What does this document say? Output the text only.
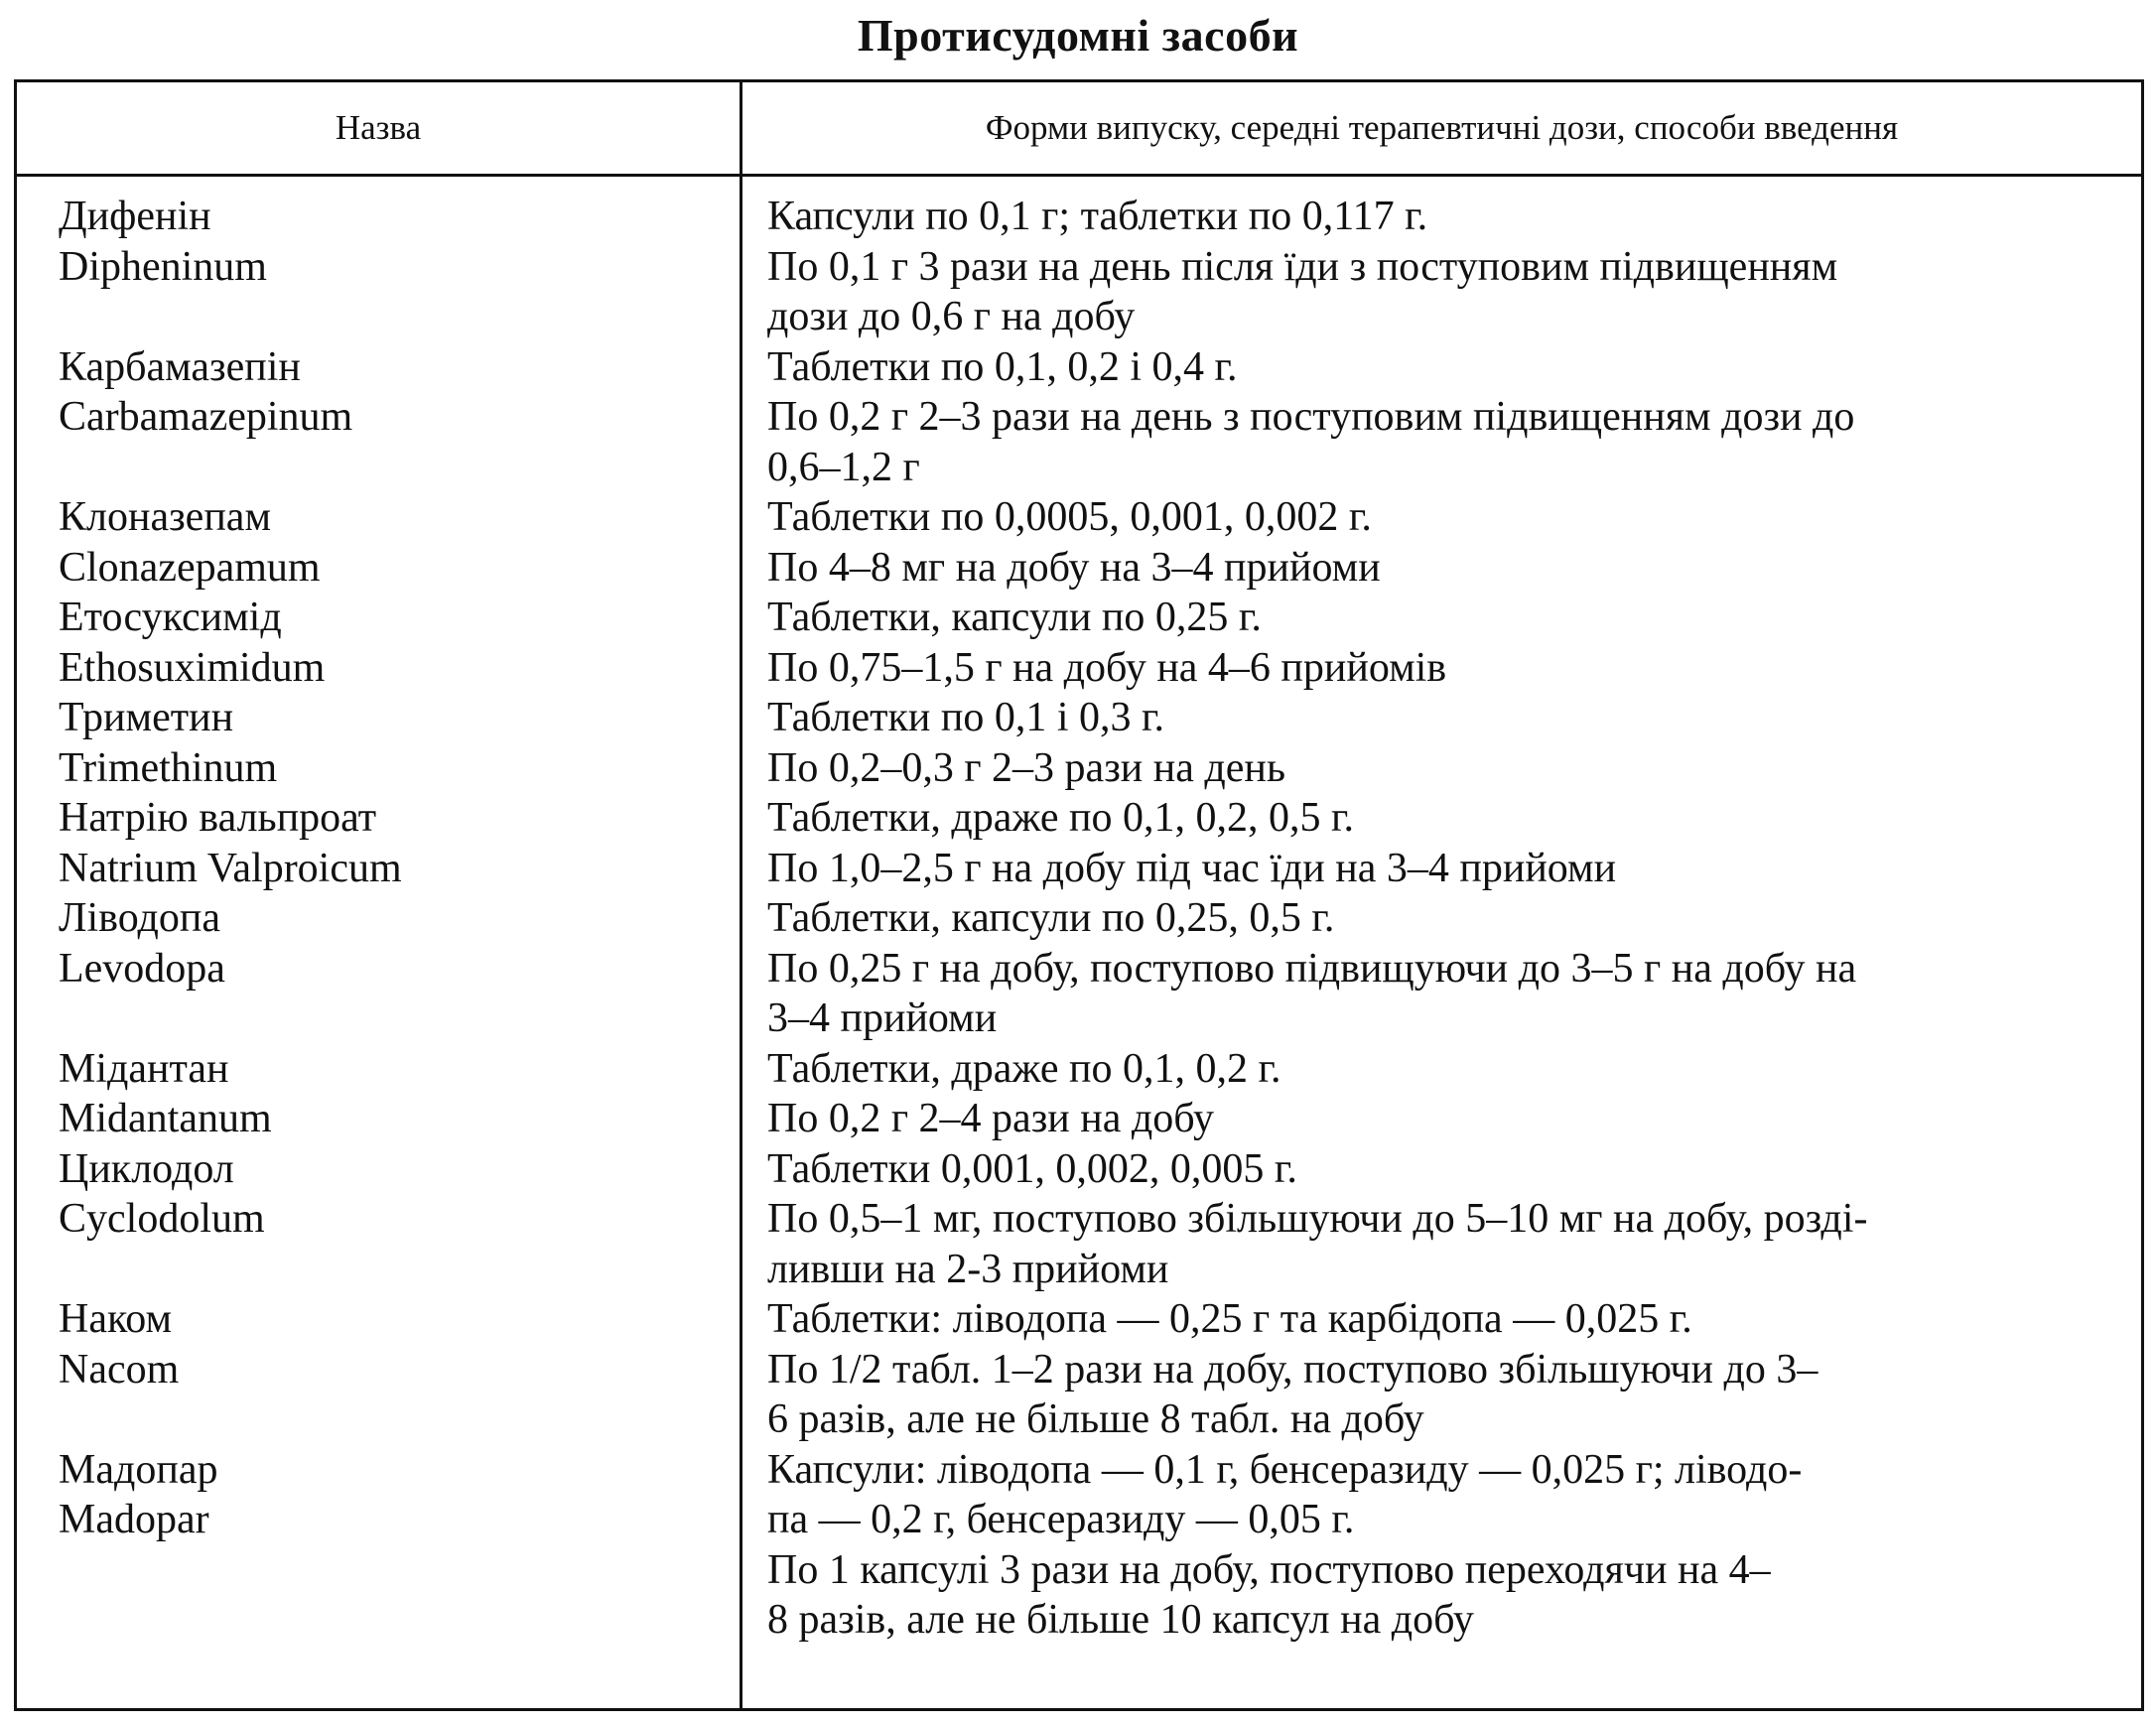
Протисудомні засоби
Назва	Форми випуску, середні терапевтичні дози, способи введення
Дифенін
Dipheninum
Капсули по 0,1 г; таблетки по 0,117 г.
По 0,1 г 3 рази на день після їди з поступовим підвищенням
дози до 0,6 г на добу
Карбамазепін
Carbamazepinum
Таблетки по 0,1, 0,2 і 0,4 г.
По 0,2 г 2–3 рази на день з поступовим підвищенням дози до
0,6–1,2 г
Клоназепам
Clonazepamum
Таблетки по 0,0005, 0,001, 0,002 г.
По 4–8 мг на добу на 3–4 прийоми
Етосуксимід
Ethosuximidum
Таблетки, капсули по 0,25 г.
По 0,75–1,5 г на добу на 4–6 прийомів
Триметин
Trimethinum
Таблетки по 0,1 і 0,3 г.
По 0,2–0,3 г 2–3 рази на день
Натрію вальпроат
Natrium Valproicum
Таблетки, драже по 0,1, 0,2, 0,5 г.
По 1,0–2,5 г на добу під час їди на 3–4 прийоми
Ліводопа
Levodopa
Таблетки, капсули по 0,25, 0,5 г.
По 0,25 г на добу, поступово підвищуючи до 3–5 г на добу на
3–4 прийоми
Мідантан
Midantanum
Таблетки, драже по 0,1, 0,2 г.
По 0,2 г 2–4 рази на добу
Циклодол
Cyclodolum
Таблетки 0,001, 0,002, 0,005 г.
По 0,5–1 мг, поступово збільшуючи до 5–10 мг на добу, розді-
ливши на 2-3 прийоми
Наком
Nacom
Таблетки: ліводопа — 0,25 г та карбідопа — 0,025 г.
По 1/2 табл. 1–2 рази на добу, поступово збільшуючи до 3–
6 разів, але не більше 8 табл. на добу
Мадопар
Madopar
Капсули: ліводопа — 0,1 г, бенсеразиду — 0,025 г; ліводо-
па — 0,2 г, бенсеразиду — 0,05 г.
По 1 капсулі 3 рази на добу, поступово переходячи на 4–
8 разів, але не більше 10 капсул на добу
